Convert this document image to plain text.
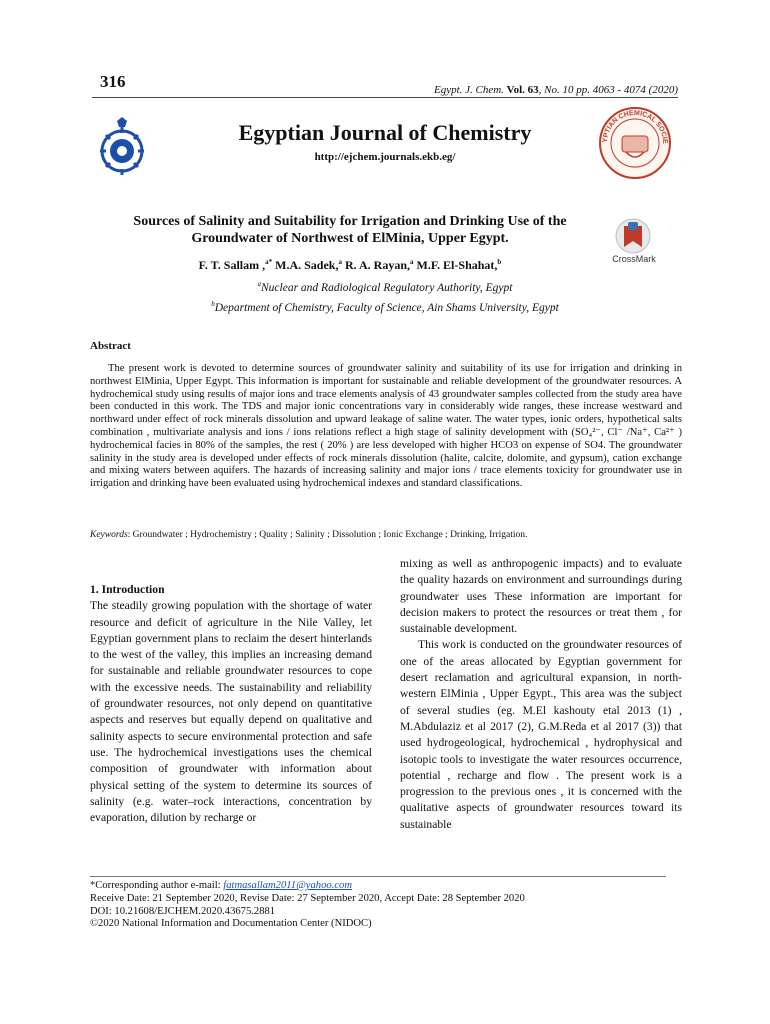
316	Egypt. J. Chem. Vol. 63, No. 10 pp. 4063 - 4074 (2020)
Egyptian Journal of Chemistry
http://ejchem.journals.ekb.eg/
YPTIAN CHEMICAL SOCIE
Sources of Salinity and Suitability for Irrigation and Drinking Use of the
Groundwater of Northwest of ElMinia, Upper Egypt.
CrossMark
F. T. Sallam ,$^{a*}$ M.A. Sadek,$^a$ R. A. Rayan,$^a$ M.F. El-Shahat,$^b$
$^a$Nuclear and Radiological Regulatory Authority, Egypt
$^b$Department of Chemistry, Faculty of Science, Ain Shams University, Egypt
Abstract

The present work is devoted to determine sources of groundwater salinity and suitability of its use for irrigation and drinking in northwest ElMinia, Upper Egypt. This information is important for sustainable and reliable development of the groundwater resources. A hydrochemical study using results of major ions and trace elements analysis of 43 groundwater samples collected from the study area have been conducted in this work. The TDS and major ionic concentrations vary in considerably wide ranges, these increase westward and northward under effect of rock minerals dissolution and upward leakage of saline water. The water types, ionic orders, hypothetical salts combination , multivariate analysis and ions / ions relations reflect a high stage of salinity development with (SO₄²⁻, Cl⁻ /Na⁺, Ca²⁺ ) hydrochemical facies in 80% of the samples, the rest ( 20% ) are less developed with higher HCO3 on expense of SO4. The groundwater salinity in the study area is developed under effects of rock minerals dissolution (halite, calcite, dolomite, and gypsum), cation exchange and mixing waters between aquifers. The hazards of increasing salinity and major ions / trace elements toxicity for groundwater use in irrigation and drinking have been evaluated using hydrochemical indexes and standard classifications.

Keywords: Groundwater ; Hydrochemistry ; Quality ; Salinity ; Dissolution ; Ionic Exchange ; Drinking, Irrigation.

1. Introduction

The steadily growing population with the shortage of water resource and deficit of agriculture in the Nile Valley, let Egyptian government plans to reclaim the desert hinterlands to the west of the valley, this implies an increasing demand for sustainable and reliable groundwater resources to cope with the excessive needs. The sustainability and reliability of groundwater resources, not only depend on quantitative aspects and reserves but equally depend on qualitative and salinity aspects to secure environmental protection and safe use. The hydrochemical investigations uses the chemical composition of groundwater with information about physical setting of the system to determine its sources of salinity (e.g. water–rock interactions, concentration by evaporation, dilution by recharge or

mixing as well as anthropogenic impacts) and to evaluate the quality hazards on environment and surroundings during groundwater uses These information are important for decision makers to protect the resources or treat them , for sustainable development.

This work is conducted on the groundwater resources of one of the areas allocated by Egyptian government for desert reclamation and agricultural expansion, in north-western ElMinia , Upper Egypt., This area was the subject of several studies (eg. M.El kashouty etal 2013 (1) , M.Abdulaziz et al 2017 (2), G.M.Reda et al 2017 (3)) that used hydrogeological, hydrochemical , hydrophysical and isotopic tools to investigate the water resources occurrence, potential , recharge and flow . The present work is a progression to the previous ones , it is concerned with the qualitative aspects of groundwater resources toward its sustainable

*Corresponding author e-mail: fatmasallam2011@yahoo.com
Receive Date: 21 September 2020, Revise Date: 27 September 2020, Accept Date: 28 September 2020
DOI: 10.21608/EJCHEM.2020.43675.2881
©2020 National Information and Documentation Center (NIDOC)
